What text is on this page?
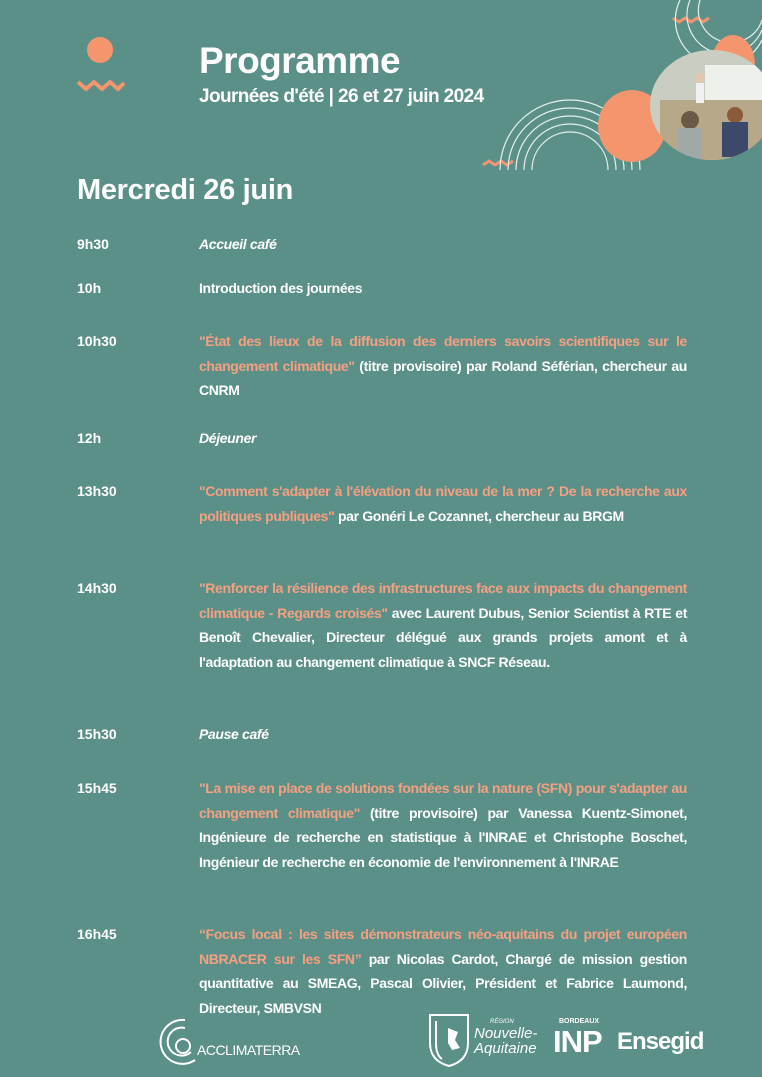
Programme
Journées d'été | 26 et 27 juin 2024
Mercredi 26 juin
9h30	Accueil café

10h	Introduction des journées

10h30	"État des lieux de la diffusion des derniers savoirs scientifiques sur le changement climatique" (titre provisoire) par Roland Séférian, chercheur au CNRM

12h	Déjeuner

13h30	"Comment s'adapter à l'élévation du niveau de la mer ? De la recherche aux politiques publiques" par Gonéri Le Cozannet, chercheur au BRGM

14h30	"Renforcer la résilience des infrastructures face aux impacts du changement climatique - Regards croisés" avec Laurent Dubus, Senior Scientist à RTE et Benoît Chevalier, Directeur délégué aux grands projets amont et à l'adaptation au changement climatique à SNCF Réseau.

15h30	Pause café

15h45	"La mise en place de solutions fondées sur la nature (SFN) pour s'adapter au changement climatique" (titre provisoire) par Vanessa Kuentz-Simonet, Ingénieure de recherche en statistique à l'INRAE et Christophe Boschet, Ingénieur de recherche en économie de l'environnement à l'INRAE

16h45	“Focus local : les sites démonstrateurs néo-aquitains du projet européen NBRACER sur les SFN” par Nicolas Cardot, Chargé de mission gestion quantitative au SMEAG, Pascal Olivier, Président et Fabrice Laumond, Directeur, SMBVSN

ACCLIMATERRA
RÉGION
Nouvelle-
Aquitaine
BORDEAUX
INP Ensegid
